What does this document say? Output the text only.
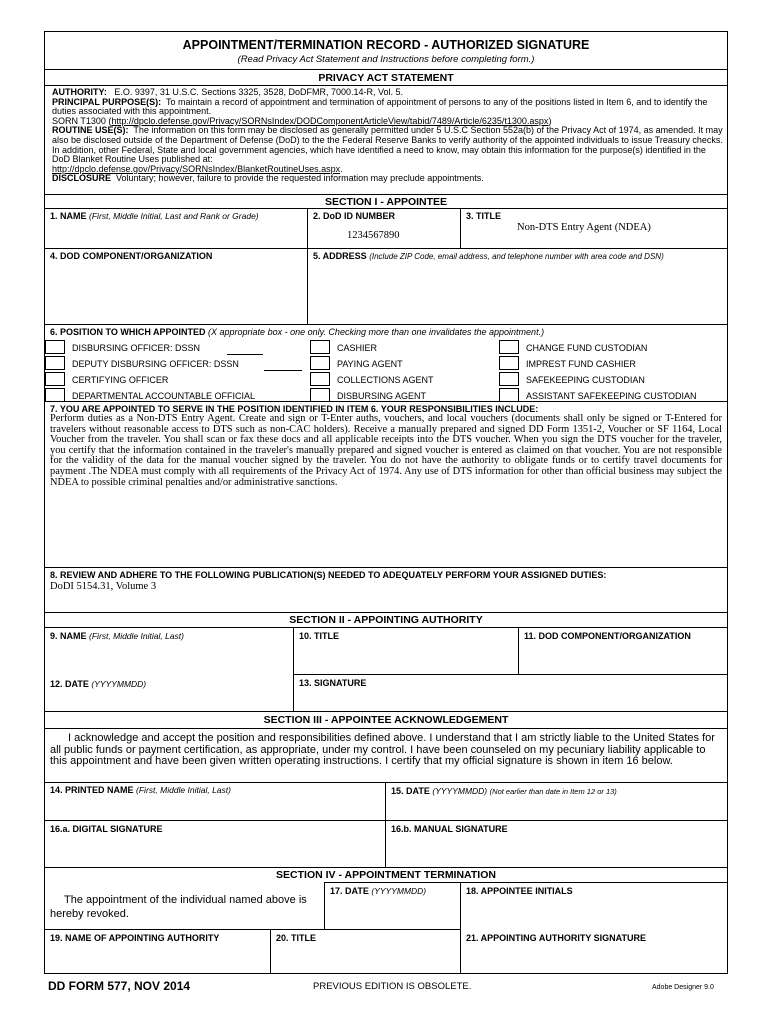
APPOINTMENT/TERMINATION RECORD - AUTHORIZED SIGNATURE
(Read Privacy Act Statement and Instructions before completing form.)
PRIVACY ACT STATEMENT

AUTHORITY: E.O. 9397, 31 U.S.C. Sections 3325, 3528, DoDFMR, 7000.14-R, Vol. 5.

PRINCIPAL PURPOSE(S): To maintain a record of appointment and termination of appointment of persons to any of the positions listed in Item 6, and to identify the duties associated with this appointment.

SORN T1300 (http://dpclo.defense.gov/Privacy/SORNsIndex/DODComponentArticleView/tabid/7489/Article/6235/t1300.aspx)

ROUTINE USE(S): The information on this form may be disclosed as generally permitted under 5 U.S.C Section 552a(b) of the Privacy Act of 1974, as amended. It may also be disclosed outside of the Department of Defense (DoD) to the the Federal Reserve Banks to verify authority of the appointed individuals to issue Treasury checks. In addition, other Federal, State and local government agencies, which have identified a need to know, may obtain this information for the purpose(s) identified in the DoD Blanket Routine Uses published at:

http://dpclo.defense.gov/Privacy/SORNsIndex/BlanketRoutineUses.aspx.

DISCLOSURE Voluntary; however, failure to provide the requested information may preclude appointments.

SECTION I - APPOINTEE
1. NAME (First, Middle Initial, Last and Rank or Grade)	2. DoD ID NUMBER
1234567890
3. TITLE
Non-DTS Entry Agent (NDEA)
4. DOD COMPONENT/ORGANIZATION	5. ADDRESS (Include ZIP Code, email address, and telephone number with area code and DSN)
6. POSITION TO WHICH APPOINTED (X appropriate box - one only. Checking more than one invalidates the appointment.)
DISBURSING OFFICER: DSSN
DEPUTY DISBURSING OFFICER: DSSN
CERTIFYING OFFICER
DEPARTMENTAL ACCOUNTABLE OFFICIAL
CASHIER
PAYING AGENT
COLLECTIONS AGENT
DISBURSING AGENT
CHANGE FUND CUSTODIAN
IMPREST FUND CASHIER
SAFEKEEPING CUSTODIAN
ASSISTANT SAFEKEEPING CUSTODIAN
7. YOU ARE APPOINTED TO SERVE IN THE POSITION IDENTIFIED IN ITEM 6. YOUR RESPONSIBILITIES INCLUDE:
Perform duties as a Non-DTS Entry Agent. Create and sign or T-Enter auths, vouchers, and local vouchers (documents shall only be signed or T-Entered for travelers without reasonable access to DTS such as non-CAC holders). Receive a manually prepared and signed DD Form 1351-2, Voucher or SF 1164, Local Voucher from the traveler. You shall scan or fax these docs and all applicable receipts into the DTS voucher. When you sign the DTS voucher for the traveler, you certify that the information contained in the traveler's manually prepared and signed voucher is entered as claimed on that voucher. You are not responsible for the validity of the data for the manual voucher signed by the traveler. You do not have the authority to obligate funds or to certify travel documents for payment .The NDEA must comply with all requirements of the Privacy Act of 1974. Any use of DTS information for other than official business may subject the NDEA to possible criminal penalties and/or administrative sanctions.
8. REVIEW AND ADHERE TO THE FOLLOWING PUBLICATION(S) NEEDED TO ADEQUATELY PERFORM YOUR ASSIGNED DUTIES:
DoDI 5154.31, Volume 3
SECTION II - APPOINTING AUTHORITY
9. NAME (First, Middle Initial, Last)	10. TITLE	11. DOD COMPONENT/ORGANIZATION
12. DATE (YYYYMMDD)	13. SIGNATURE
SECTION III - APPOINTEE ACKNOWLEDGEMENT
I acknowledge and accept the position and responsibilities defined above. I understand that I am strictly liable to the United States for all public funds or payment certification, as appropriate, under my control. I have been counseled on my pecuniary liability applicable to this appointment and have been given written operating instructions. I certify that my official signature is shown in item 16 below.
14. PRINTED NAME (First, Middle Initial, Last)	15. DATE (YYYYMMDD) (Not earlier than date in Item 12 or 13)
16.a. DIGITAL SIGNATURE	16.b. MANUAL SIGNATURE
SECTION IV - APPOINTMENT TERMINATION
The appointment of the individual named above is
hereby revoked.
17. DATE (YYYYMMDD)	18. APPOINTEE INITIALS
19. NAME OF APPOINTING AUTHORITY	20. TITLE	21. APPOINTING AUTHORITY SIGNATURE
DD FORM 577, NOV 2014	PREVIOUS EDITION IS OBSOLETE.	Adobe Designer 9.0
